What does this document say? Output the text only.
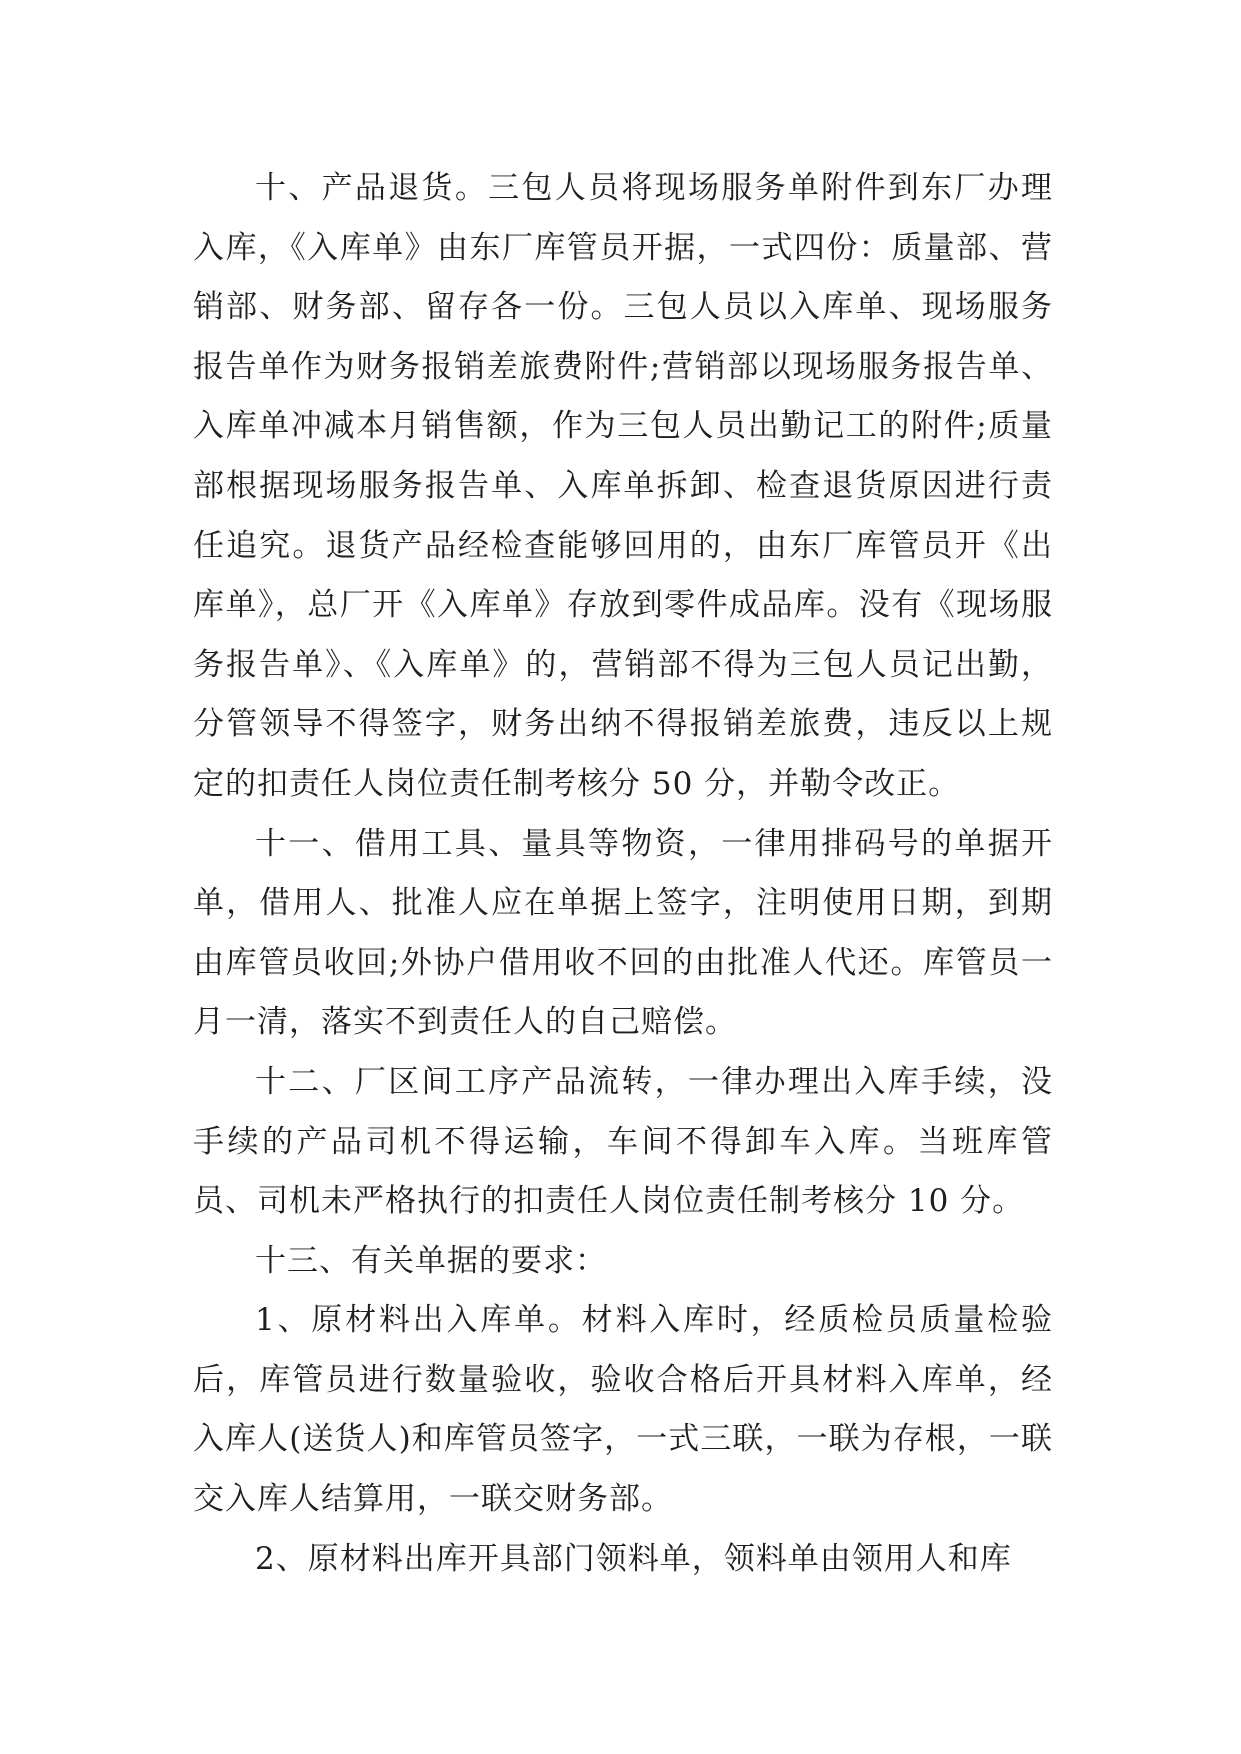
十、产品退货。三包人员将现场服务单附件到东厂办理入库，《入库单》由东厂库管员开据，一式四份：质量部、营销部、财务部、留存各一份。三包人员以入库单、现场服务报告单作为财务报销差旅费附件;营销部以现场服务报告单、入库单冲减本月销售额，作为三包人员出勤记工的附件;质量部根据现场服务报告单、入库单拆卸、检查退货原因进行责任追究。退货产品经检查能够回用的，由东厂库管员开《出库单》，总厂开《入库单》存放到零件成品库。没有《现场服务报告单》、《入库单》的，营销部不得为三包人员记出勤，分管领导不得签字，财务出纳不得报销差旅费，违反以上规定的扣责任人岗位责任制考核分 50 分，并勒令改正。

十一、借用工具、量具等物资，一律用排码号的单据开单，借用人、批准人应在单据上签字，注明使用日期，到期由库管员收回;外协户借用收不回的由批准人代还。库管员一月一清，落实不到责任人的自己赔偿。

十二、厂区间工序产品流转，一律办理出入库手续，没手续的产品司机不得运输，车间不得卸车入库。当班库管员、司机未严格执行的扣责任人岗位责任制考核分 10 分。

十三、有关单据的要求：

1、原材料出入库单。材料入库时，经质检员质量检验后，库管员进行数量验收，验收合格后开具材料入库单，经入库人(送货人)和库管员签字，一式三联，一联为存根，一联交入库人结算用，一联交财务部。

2、原材料出库开具部门领料单，领料单由领用人和库
